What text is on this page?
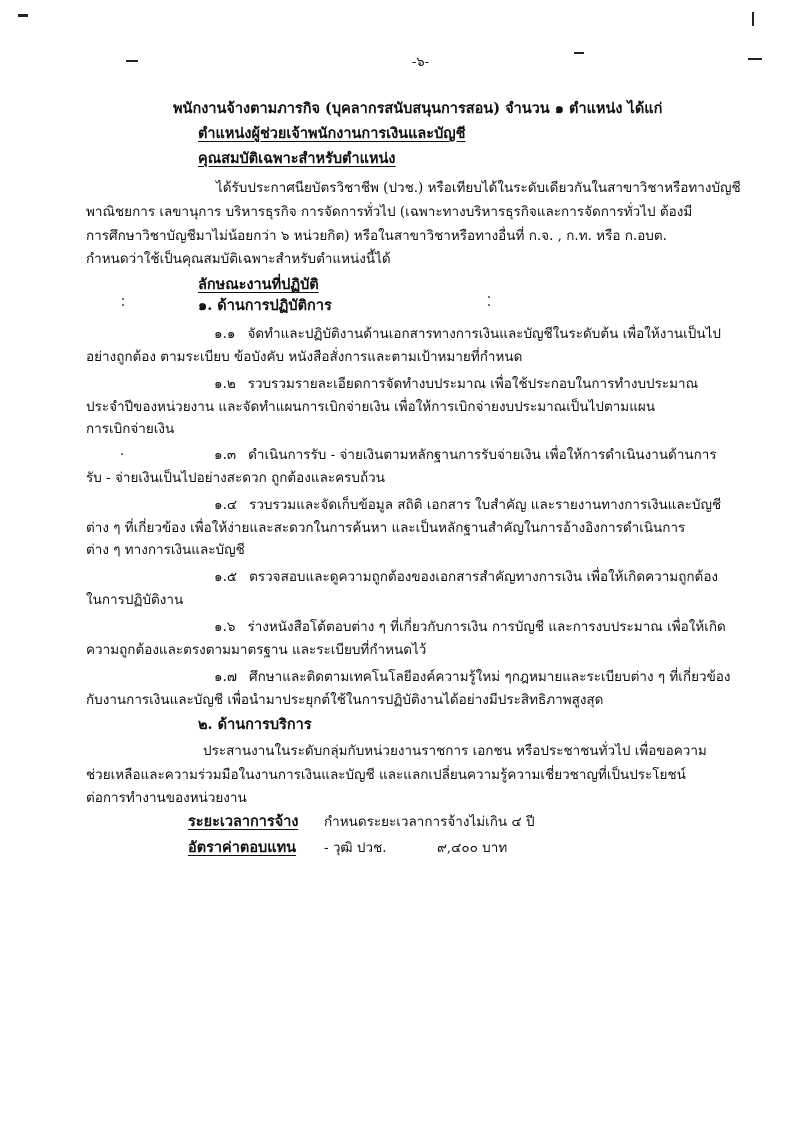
-๖-
พนักงานจ้างตามภารกิจ (บุคลากรสนับสนุนการสอน) จำนวน ๑ ตำแหน่ง ได้แก่
ตำแหน่งผู้ช่วยเจ้าพนักงานการเงินและบัญชี
คุณสมบัติเฉพาะสำหรับตำแหน่ง
ได้รับประกาศนียบัตรวิชาชีพ (ปวช.) หรือเทียบได้ในระดับเดียวกันในสาขาวิชาหรือทางบัญชี
พาณิชยการ เลขานุการ บริหารธุรกิจ การจัดการทั่วไป (เฉพาะทางบริหารธุรกิจและการจัดการทั่วไป ต้องมี
การศึกษาวิชาบัญชีมาไม่น้อยกว่า ๖ หน่วยกิต) หรือในสาขาวิชาหรือทางอื่นที่ ก.จ. , ก.ท. หรือ ก.อบต.
กำหนดว่าใช้เป็นคุณสมบัติเฉพาะสำหรับตำแหน่งนี้ได้
ลักษณะงานที่ปฏิบัติ
๑. ด้านการปฏิบัติการ
๑.๑ จัดทำและปฏิบัติงานด้านเอกสารทางการเงินและบัญชีในระดับต้น เพื่อให้งานเป็นไป
อย่างถูกต้อง ตามระเบียบ ข้อบังคับ หนังสือสั่งการและตามเป้าหมายที่กำหนด
๑.๒ รวบรวมรายละเอียดการจัดทำงบประมาณ เพื่อใช้ประกอบในการทำงบประมาณ
ประจำปีของหน่วยงาน และจัดทำแผนการเบิกจ่ายเงิน เพื่อให้การเบิกจ่ายงบประมาณเป็นไปตามแผน
การเบิกจ่ายเงิน
๑.๓ ดำเนินการรับ - จ่ายเงินตามหลักฐานการรับจ่ายเงิน เพื่อให้การดำเนินงานด้านการ
รับ - จ่ายเงินเป็นไปอย่างสะดวก ถูกต้องและครบถ้วน
๑.๔ รวบรวมและจัดเก็บข้อมูล สถิติ เอกสาร ใบสำคัญ และรายงานทางการเงินและบัญชี
ต่าง ๆ ที่เกี่ยวข้อง เพื่อให้ง่ายและสะดวกในการค้นหา และเป็นหลักฐานสำคัญในการอ้างอิงการดำเนินการ
ต่าง ๆ ทางการเงินและบัญชี
๑.๕ ตรวจสอบและดูความถูกต้องของเอกสารสำคัญทางการเงิน เพื่อให้เกิดความถูกต้อง
ในการปฏิบัติงาน
๑.๖ ร่างหนังสือโต้ตอบต่าง ๆ ที่เกี่ยวกับการเงิน การบัญชี และการงบประมาณ เพื่อให้เกิด
ความถูกต้องและตรงตามมาตรฐาน และระเบียบที่กำหนดไว้
๑.๗ ศึกษาและติดตามเทคโนโลยีองค์ความรู้ใหม่ ๆกฎหมายและระเบียบต่าง ๆ ที่เกี่ยวข้อง
กับงานการเงินและบัญชี เพื่อนำมาประยุกต์ใช้ในการปฏิบัติงานได้อย่างมีประสิทธิภาพสูงสุด
๒. ด้านการบริการ
ประสานงานในระดับกลุ่มกับหน่วยงานราชการ เอกชน หรือประชาชนทั่วไป เพื่อขอความ
ช่วยเหลือและความร่วมมือในงานการเงินและบัญชี และแลกเปลี่ยนความรู้ความเชี่ยวชาญที่เป็นประโยชน์
ต่อการทำงานของหน่วยงาน
ระยะเวลาการจ้าง กำหนดระยะเวลาการจ้างไม่เกิน ๔ ปี
อัตราค่าตอบแทน - วุฒิ ปวช.	๙,๔๐๐ บาท
